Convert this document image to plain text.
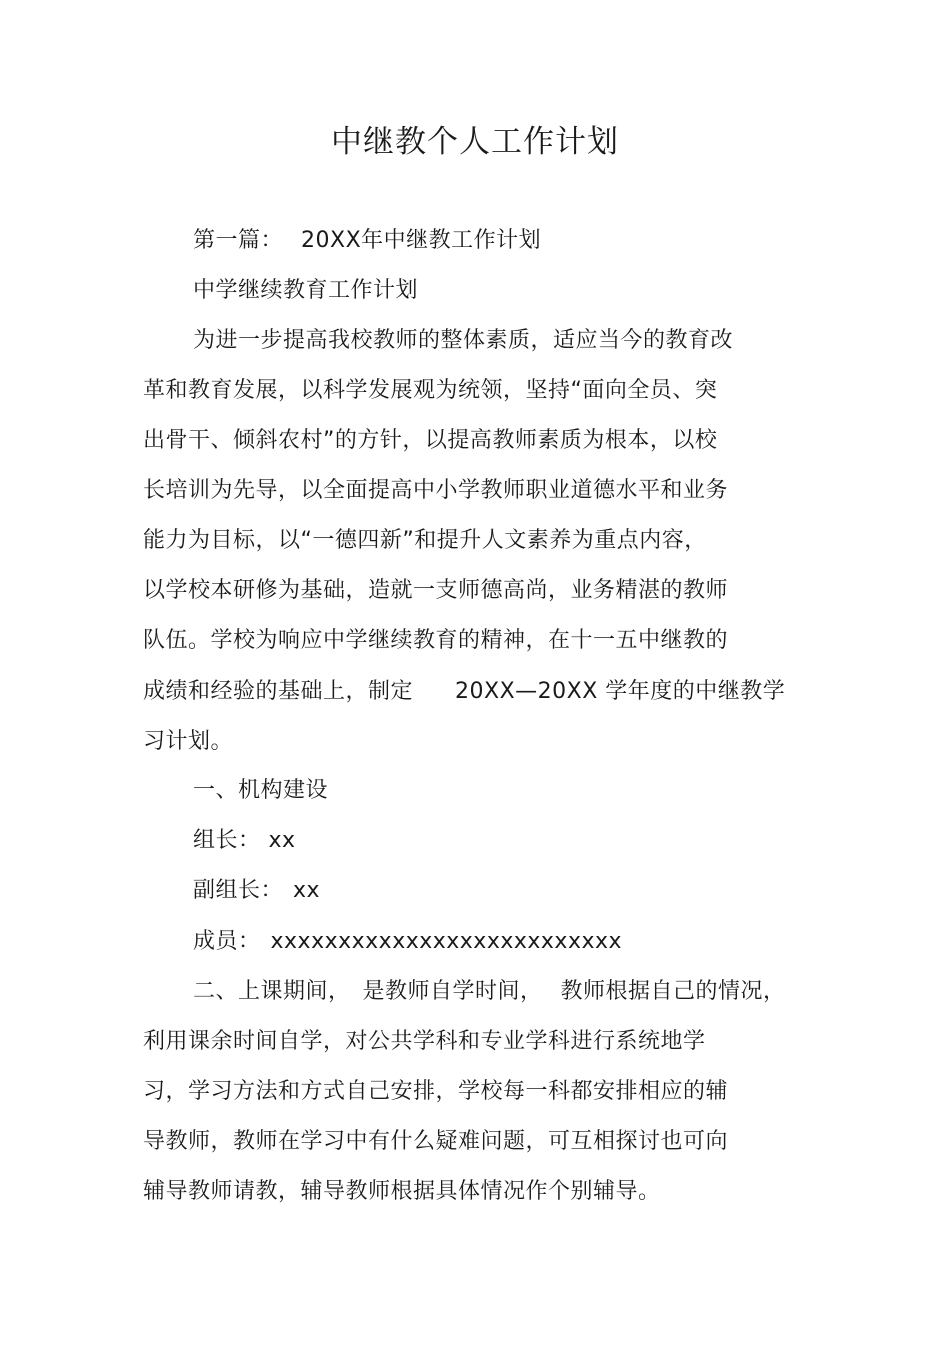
中继教个人工作计划
第一篇： 20XX年中继教工作计划
中学继续教育工作计划
为进一步提高我校教师的整体素质，适应当今的教育改
革和教育发展，以科学发展观为统领，坚持“面向全员、突
出骨干、倾斜农村”的方针，以提高教师素质为根本，以校
长培训为先导，以全面提高中小学教师职业道德水平和业务
能力为目标，以“一德四新”和提升人文素养为重点内容，
以学校本研修为基础，造就一支师德高尚，业务精湛的教师
队伍。学校为响应中学继续教育的精神，在十一五中继教的
成绩和经验的基础上，制定 20XX—20XX 学年度的中继教学
习计划。
一、机构建设
组长： xx
副组长： xx
成员： xxxxxxxxxxxxxxxxxxxxxxxxxx
二、上课期间， 是教师自学时间， 教师根据自己的情况，
利用课余时间自学，对公共学科和专业学科进行系统地学
习，学习方法和方式自己安排，学校每一科都安排相应的辅
导教师，教师在学习中有什么疑难问题，可互相探讨也可向
辅导教师请教，辅导教师根据具体情况作个别辅导。
